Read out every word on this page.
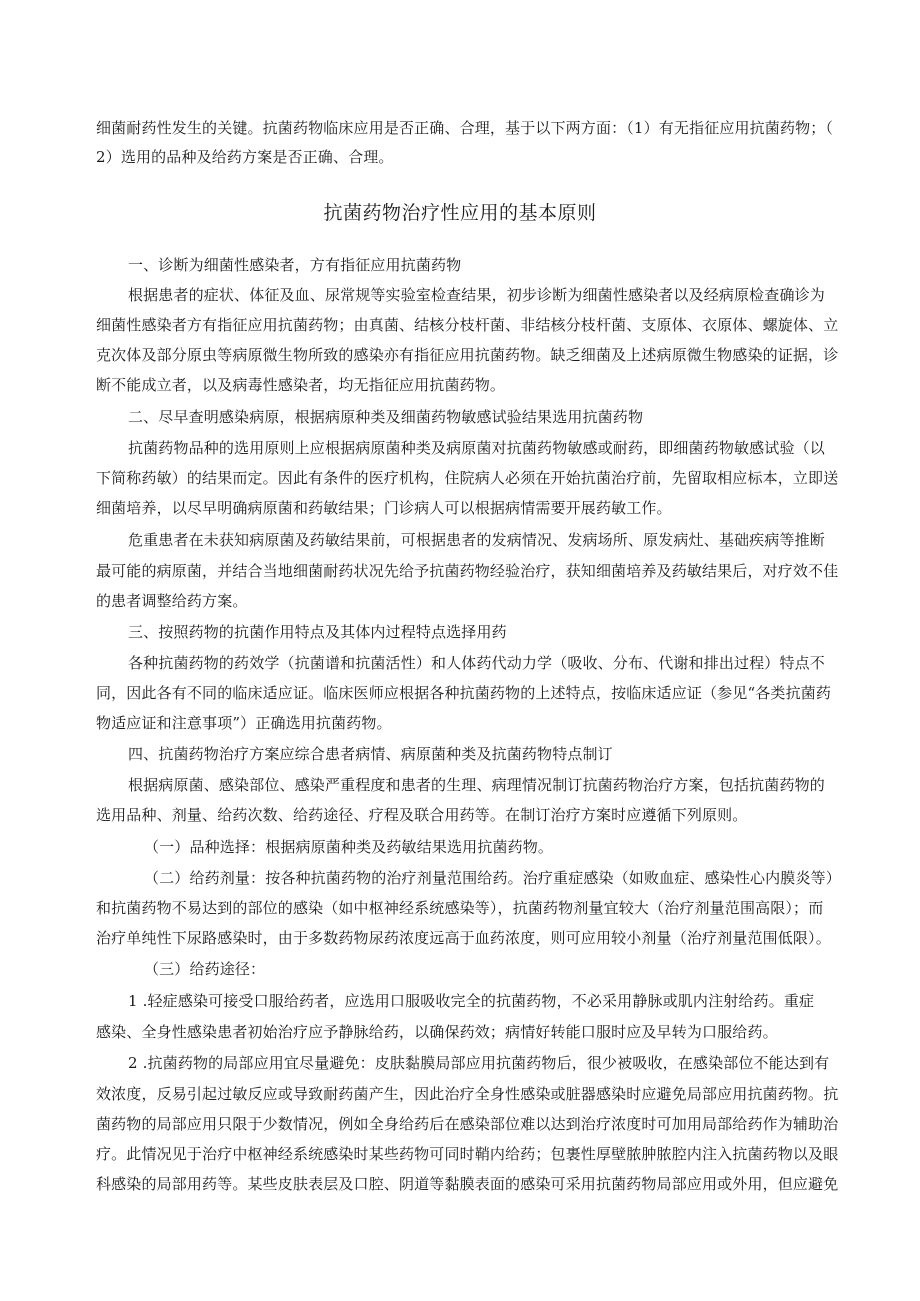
细菌耐药性发生的关键。抗菌药物临床应用是否正确、合理，基于以下两方面：（1）有无指征应用抗菌药物；（
2）选用的品种及给药方案是否正确、合理。
抗菌药物治疗性应用的基本原则
一、诊断为细菌性感染者，方有指征应用抗菌药物
根据患者的症状、体征及血、尿常规等实验室检查结果，初步诊断为细菌性感染者以及经病原检查确诊为
细菌性感染者方有指征应用抗菌药物；由真菌、结核分枝杆菌、非结核分枝杆菌、支原体、衣原体、螺旋体、立
克次体及部分原虫等病原微生物所致的感染亦有指征应用抗菌药物。缺乏细菌及上述病原微生物感染的证据，诊
断不能成立者，以及病毒性感染者，均无指征应用抗菌药物。
二、尽早查明感染病原，根据病原种类及细菌药物敏感试验结果选用抗菌药物
抗菌药物品种的选用原则上应根据病原菌种类及病原菌对抗菌药物敏感或耐药，即细菌药物敏感试验（以
下简称药敏）的结果而定。因此有条件的医疗机构，住院病人必须在开始抗菌治疗前，先留取相应标本，立即送
细菌培养，以尽早明确病原菌和药敏结果；门诊病人可以根据病情需要开展药敏工作。
危重患者在未获知病原菌及药敏结果前，可根据患者的发病情况、发病场所、原发病灶、基础疾病等推断
最可能的病原菌，并结合当地细菌耐药状况先给予抗菌药物经验治疗，获知细菌培养及药敏结果后，对疗效不佳
的患者调整给药方案。
三、按照药物的抗菌作用特点及其体内过程特点选择用药
各种抗菌药物的药效学（抗菌谱和抗菌活性）和人体药代动力学（吸收、分布、代谢和排出过程）特点不
同，因此各有不同的临床适应证。临床医师应根据各种抗菌药物的上述特点，按临床适应证（参见“各类抗菌药
物适应证和注意事项”）正确选用抗菌药物。
四、抗菌药物治疗方案应综合患者病情、病原菌种类及抗菌药物特点制订
根据病原菌、感染部位、感染严重程度和患者的生理、病理情况制订抗菌药物治疗方案，包括抗菌药物的
选用品种、剂量、给药次数、给药途径、疗程及联合用药等。在制订治疗方案时应遵循下列原则。
（一）品种选择：根据病原菌种类及药敏结果选用抗菌药物。
（二）给药剂量：按各种抗菌药物的治疗剂量范围给药。治疗重症感染（如败血症、感染性心内膜炎等）
和抗菌药物不易达到的部位的感染（如中枢神经系统感染等），抗菌药物剂量宜较大（治疗剂量范围高限）；而
治疗单纯性下尿路感染时，由于多数药物尿药浓度远高于血药浓度，则可应用较小剂量（治疗剂量范围低限）。
（三）给药途径：
1 .轻症感染可接受口服给药者，应选用口服吸收完全的抗菌药物，不必采用静脉或肌内注射给药。重症
感染、全身性感染患者初始治疗应予静脉给药，以确保药效；病情好转能口服时应及早转为口服给药。
2 .抗菌药物的局部应用宜尽量避免：皮肤黏膜局部应用抗菌药物后，很少被吸收，在感染部位不能达到有
效浓度，反易引起过敏反应或导致耐药菌产生，因此治疗全身性感染或脏器感染时应避免局部应用抗菌药物。抗
菌药物的局部应用只限于少数情况，例如全身给药后在感染部位难以达到治疗浓度时可加用局部给药作为辅助治
疗。此情况见于治疗中枢神经系统感染时某些药物可同时鞘内给药；包裹性厚壁脓肿脓腔内注入抗菌药物以及眼
科感染的局部用药等。某些皮肤表层及口腔、阴道等黏膜表面的感染可采用抗菌药物局部应用或外用，但应避免
